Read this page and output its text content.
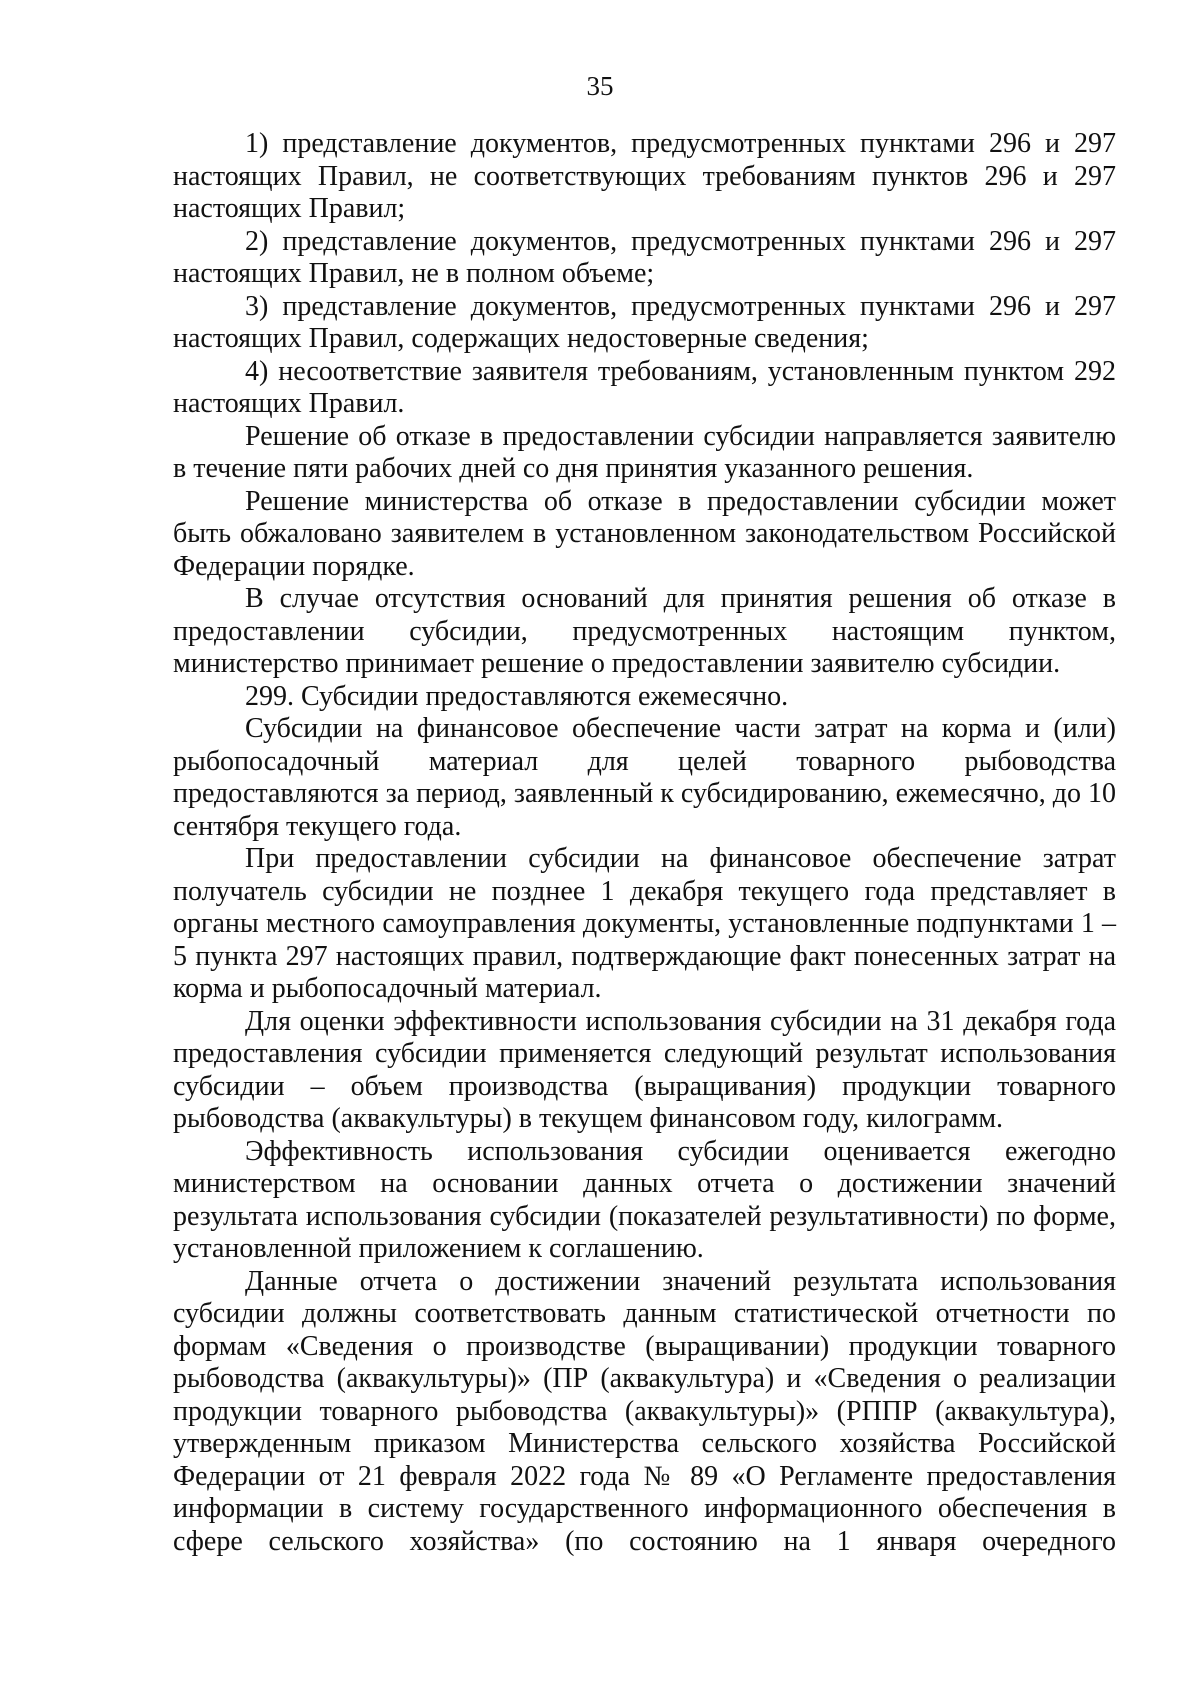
35

1) представление документов, предусмотренных пунктами 296 и 297 настоящих Правил, не соответствующих требованиям пунктов 296 и 297 настоящих Правил;

2) представление документов, предусмотренных пунктами 296 и 297 настоящих Правил, не в полном объеме;

3) представление документов, предусмотренных пунктами 296 и 297 настоящих Правил, содержащих недостоверные сведения;

4) несоответствие заявителя требованиям, установленным пунктом 292 настоящих Правил.

Решение об отказе в предоставлении субсидии направляется заявителю в течение пяти рабочих дней со дня принятия указанного решения.

Решение министерства об отказе в предоставлении субсидии может быть обжаловано заявителем в установленном законодательством Российской Федерации порядке.

В случае отсутствия оснований для принятия решения об отказе в предоставлении субсидии, предусмотренных настоящим пунктом, министерство принимает решение о предоставлении заявителю субсидии.

299. Субсидии предоставляются ежемесячно.

Субсидии на финансовое обеспечение части затрат на корма и (или) рыбопосадочный материал для целей товарного рыбоводства предоставляются за период, заявленный к субсидированию, ежемесячно, до 10 сентября текущего года.

При предоставлении субсидии на финансовое обеспечение затрат получатель субсидии не позднее 1 декабря текущего года представляет в органы местного самоуправления документы, установленные подпунктами 1 – 5 пункта 297 настоящих правил, подтверждающие факт понесенных затрат на корма и рыбопосадочный материал.

Для оценки эффективности использования субсидии на 31 декабря года предоставления субсидии применяется следующий результат использования субсидии – объем производства (выращивания) продукции товарного рыбоводства (аквакультуры) в текущем финансовом году, килограмм.

Эффективность использования субсидии оценивается ежегодно министерством на основании данных отчета о достижении значений результата использования субсидии (показателей результативности) по форме, установленной приложением к соглашению.

Данные отчета о достижении значений результата использования субсидии должны соответствовать данным статистической отчетности по формам «Сведения о производстве (выращивании) продукции товарного рыбоводства (аквакультуры)» (ПР (аквакультура) и «Сведения о реализации продукции товарного рыбоводства (аквакультуры)» (РППР (аквакультура), утвержденным приказом Министерства сельского хозяйства Российской Федерации от 21 февраля 2022 года № 89 «О Регламенте предоставления информации в систему государственного информационного обеспечения в сфере сельского хозяйства» (по состоянию на 1 января очередного
